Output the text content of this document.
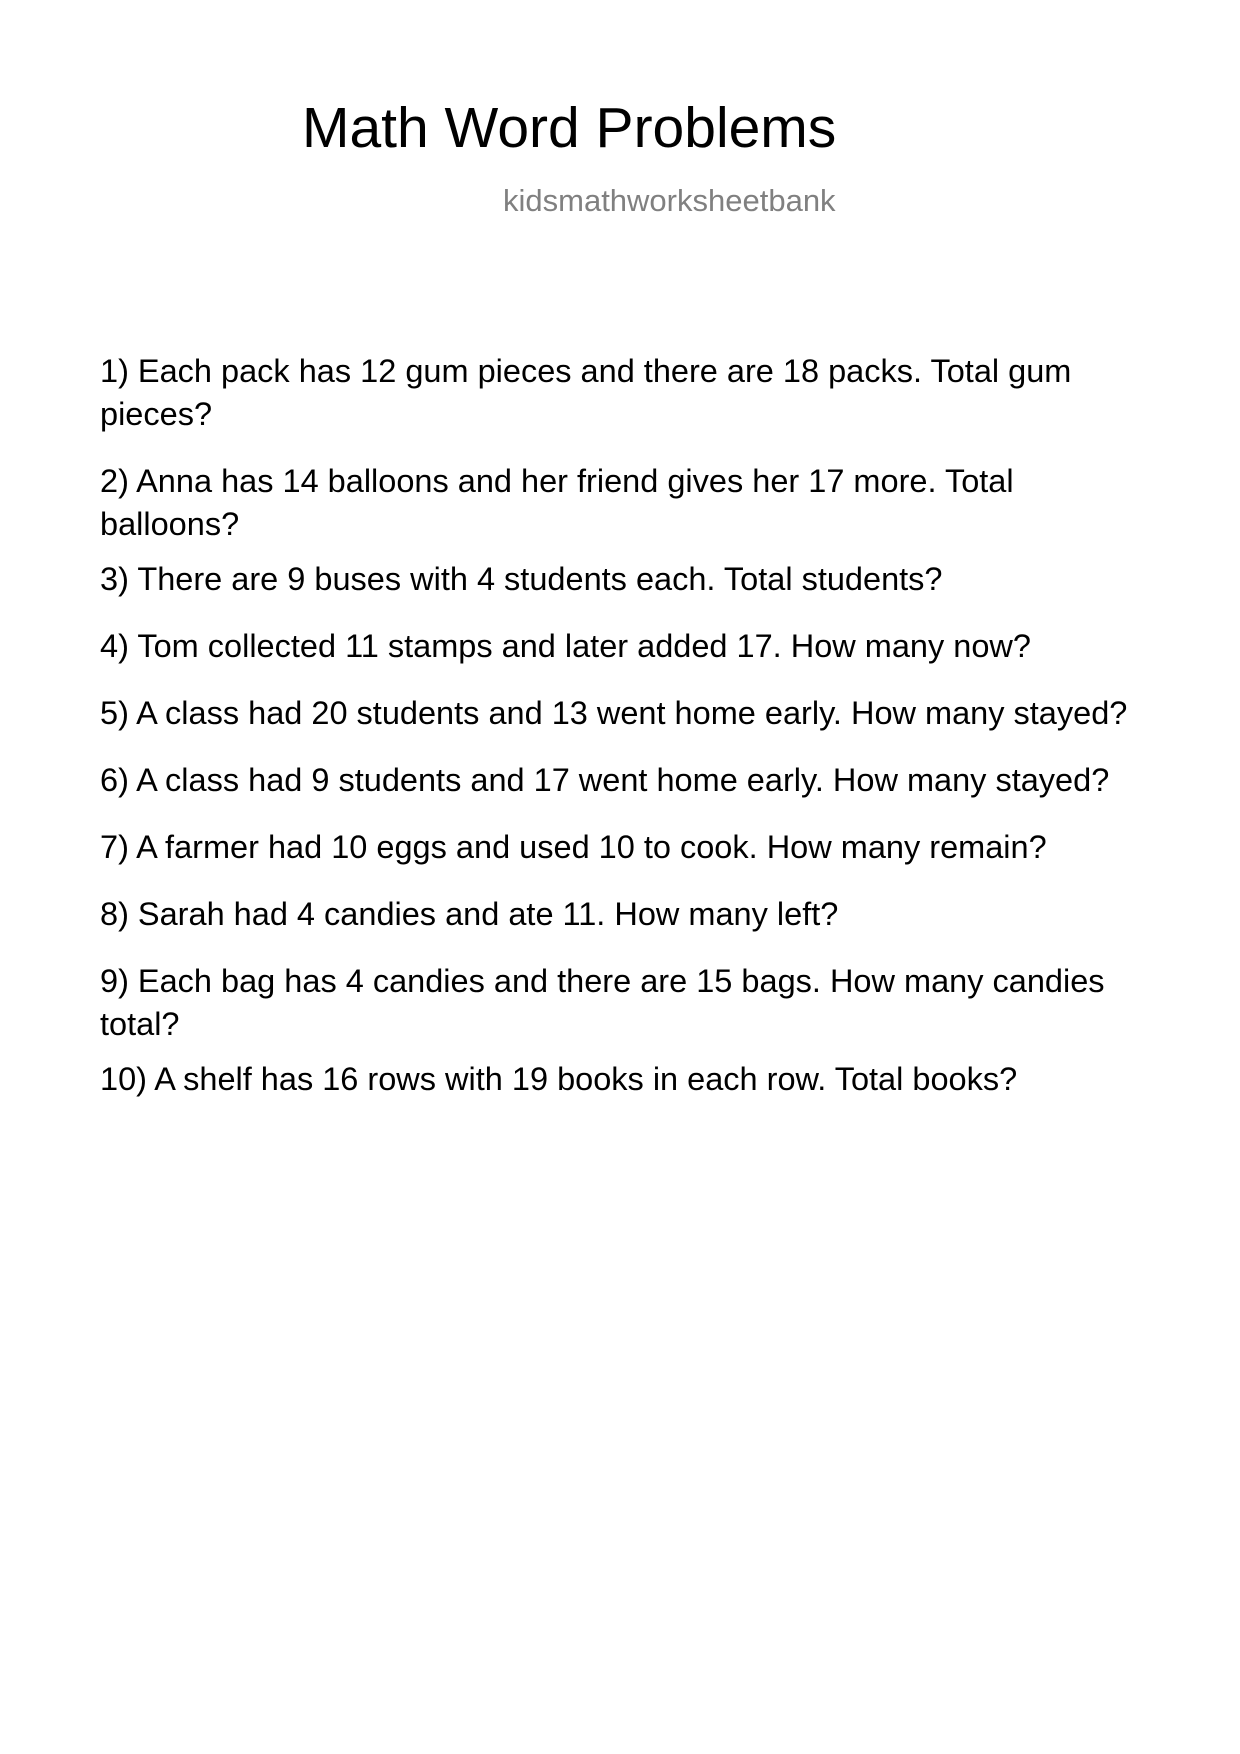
Math Word Problems

kidsmathworksheetbank

1) Each pack has 12 gum pieces and there are 18 packs. Total gum pieces?
2) Anna has 14 balloons and her friend gives her 17 more. Total balloons?
3) There are 9 buses with 4 students each. Total students?
4) Tom collected 11 stamps and later added 17. How many now?
5) A class had 20 students and 13 went home early. How many stayed?
6) A class had 9 students and 17 went home early. How many stayed?
7) A farmer had 10 eggs and used 10 to cook. How many remain?
8) Sarah had 4 candies and ate 11. How many left?
9) Each bag has 4 candies and there are 15 bags. How many candies total?
10) A shelf has 16 rows with 19 books in each row. Total books?
